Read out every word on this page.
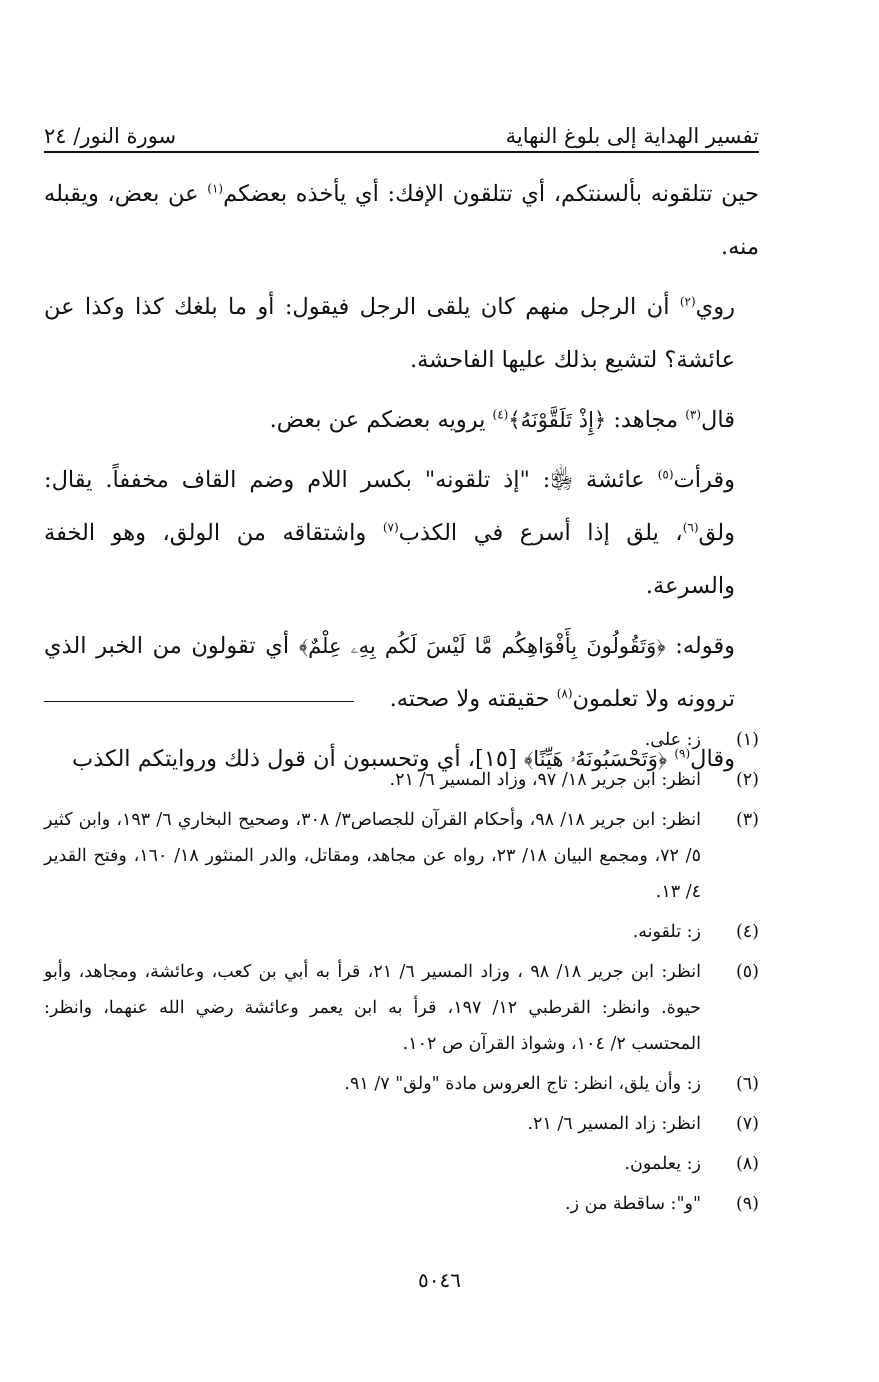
تفسير الهداية إلى بلوغ النهاية
سورة النور/ ٢٤

حين تتلقونه بألسنتكم، أي تتلقون الإفك: أي يأخذه بعضكم$^{(١)}$ عن بعض، ويقبله منه.

روي$^{(٢)}$ أن الرجل منهم كان يلقى الرجل فيقول: أو ما بلغك كذا وكذا عن عائشة؟ لتشيع بذلك عليها الفاحشة.

قال$^{(٣)}$ مجاهد: ﴿إِذْ تَلَقَّوْنَهُ﴾$^{(٤)}$ يرويه بعضكم عن بعض.

وقرأت$^{(٥)}$ عائشة ﵂: "إذ تلقونه" بكسر اللام وضم القاف مخففاً. يقال: ولق$^{(٦)}$، يلق إذا أسرع في الكذب$^{(٧)}$ واشتقاقه من الولق، وهو الخفة والسرعة.

وقوله: ﴿وَتَقُولُونَ بِأَفْوَاهِكُم مَّا لَيْسَ لَكُم بِهِۦ عِلْمٌ﴾ أي تقولون من الخبر الذي تروونه ولا تعلمون$^{(٨)}$ حقيقته ولا صحته.

وقال$^{(٩)}$ ﴿وَتَحْسَبُونَهُۥ هَيِّنًا﴾ [١٥]، أي وتحسبون أن قول ذلك وروايتكم الكذب

(١)
ز: على.
(٢)
انظر: ابن جرير ١٨/ ٩٧، وزاد المسير ٦/ ٢١.
(٣)
انظر: ابن جرير ١٨/ ٩٨، وأحكام القرآن للجصاص٣/ ٣٠٨، وصحيح البخاري ٦/ ١٩٣، وابن كثير ٥/ ٧٢، ومجمع البيان ١٨/ ٢٣، رواه عن مجاهد، ومقاتل، والدر المنثور ١٨/ ١٦٠، وفتح القدير ٤/ ١٣.
(٤)
ز: تلقونه.
(٥)
انظر: ابن جرير ١٨/ ٩٨ ، وزاد المسير ٦/ ٢١، قرأ به أبي بن كعب، وعائشة، ومجاهد، وأبو حيوة. وانظر: القرطبي ١٢/ ١٩٧، قرأ به ابن يعمر وعائشة رضي الله عنهما، وانظر: المحتسب ٢/ ١٠٤، وشواذ القرآن ص ١٠٢.
(٦)
ز: وأن يلق، انظر: تاج العروس مادة "ولق" ٧/ ٩١.
(٧)
انظر: زاد المسير ٦/ ٢١.
(٨)
ز: يعلمون.
(٩)
"و": ساقطة من ز.
٥٠٤٦
